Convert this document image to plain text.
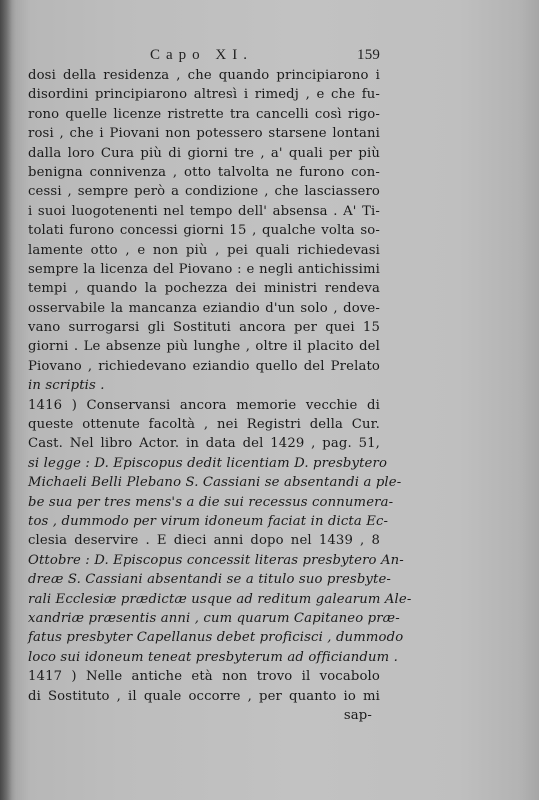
Capo XI.	159
dosi della residenza , che quando principiarono i
disordini principiarono altresì i rimedj , e che fu-
rono quelle licenze ristrette tra cancelli così rigo-
rosi , che i Piovani non potessero starsene lontani
dalla loro Cura più di giorni tre , a' quali per più
benigna connivenza , otto talvolta ne furono con-
cessi , sempre però a condizione , che lasciassero
i suoi luogotenenti nel tempo dell' absensa . A' Ti-
tolati furono concessi giorni 15 , qualche volta so-
lamente otto , e non più , pei quali richiedevasi
sempre la licenza del Piovano : e negli antichissimi
tempi , quando la pochezza dei ministri rendeva
osservabile la mancanza eziandio d'un solo , dove-
vano surrogarsi gli Sostituti ancora per quei 15
giorni . Le absenze più lunghe , oltre il placito del
Piovano , richiedevano eziandio quello del Prelato
in scriptis .
1416 ) Conservansi ancora memorie vecchie di
queste ottenute facoltà , nei Registri della Cur.
Cast. Nel libro Actor. in data del 1429 , pag. 51,
si legge : D. Episcopus dedit licentiam D. presbytero
Michaeli Belli Plebano S. Cassiani se absentandi a ple-
be sua per tres mens's a die sui recessus connumera-
tos , dummodo per virum idoneum faciat in dicta Ec-
clesia deservire . E dieci anni dopo nel 1439 , 8
Ottobre : D. Episcopus concessit literas presbytero An-
dreæ S. Cassiani absentandi se a titulo suo presbyte-
rali Ecclesiæ prædictæ usque ad reditum galearum Ale-
xandriæ præsentis anni , cum quarum Capitaneo præ-
fatus presbyter Capellanus debet proficisci , dummodo
loco sui idoneum teneat presbyterum ad officiandum .
1417 ) Nelle antiche età non trovo il vocabolo
di Sostituto , il quale occorre , per quanto io mi
sap-
